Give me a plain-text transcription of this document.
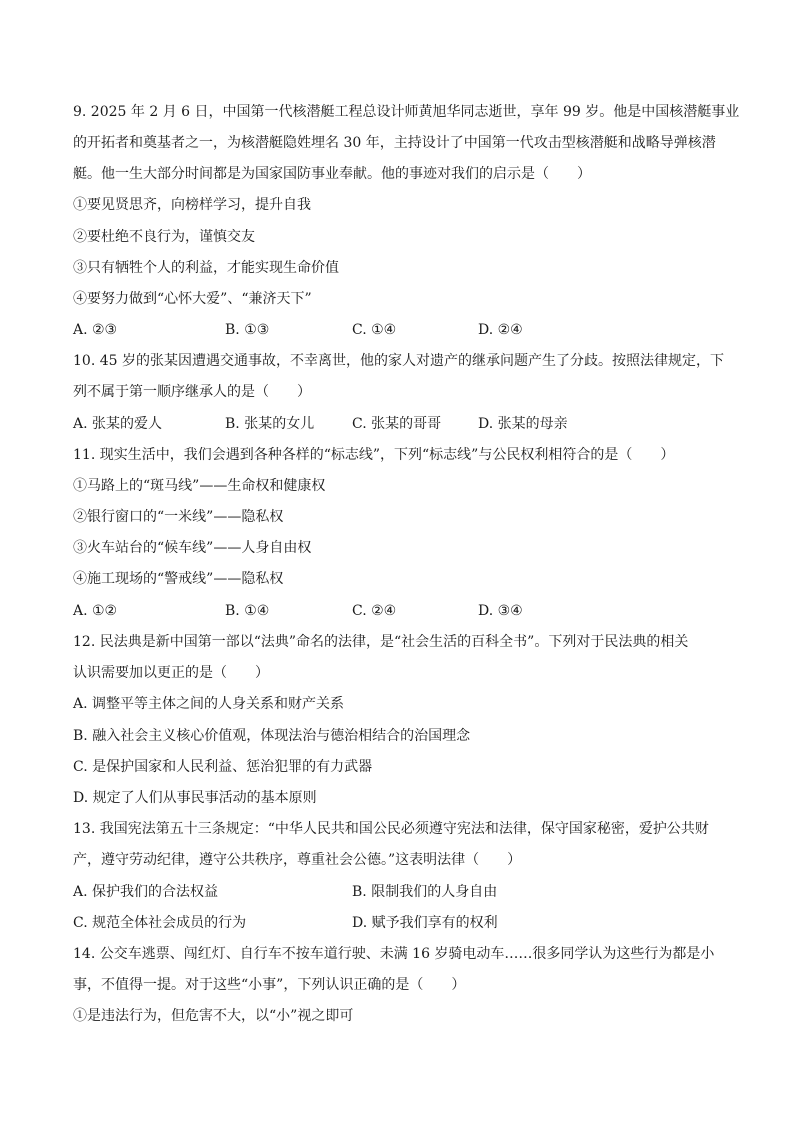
9. 2025 年 2 月 6 日，中国第一代核潜艇工程总设计师黄旭华同志逝世，享年 99 岁。他是中国核潜艇事业
的开拓者和奠基者之一，为核潜艇隐姓埋名 30 年，主持设计了中国第一代攻击型核潜艇和战略导弹核潜
艇。他一生大部分时间都是为国家国防事业奉献。他的事迹对我们的启示是（　　）
①要见贤思齐，向榜样学习，提升自我
②要杜绝不良行为，谨慎交友
③只有牺牲个人的利益，才能实现生命价值
④要努力做到“心怀大爱”、“兼济天下”
A. ②③	B. ①③	C. ①④	D. ②④
10. 45 岁的张某因遭遇交通事故，不幸离世，他的家人对遗产的继承问题产生了分歧。按照法律规定，下
列不属于第一顺序继承人的是（　　）
A. 张某的爱人	B. 张某的女儿	C. 张某的哥哥	D. 张某的母亲
11. 现实生活中，我们会遇到各种各样的“标志线”，下列“标志线”与公民权利相符合的是（　　）
①马路上的“斑马线”——生命权和健康权
②银行窗口的“一米线”——隐私权
③火车站台的“候车线”——人身自由权
④施工现场的“警戒线”——隐私权
A. ①②	B. ①④	C. ②④	D. ③④
12. 民法典是新中国第一部以“法典”命名的法律，是“社会生活的百科全书”。下列对于民法典的相关
认识需要加以更正的是（　　）
A. 调整平等主体之间的人身关系和财产关系
B. 融入社会主义核心价值观，体现法治与德治相结合的治国理念
C. 是保护国家和人民利益、惩治犯罪的有力武器
D. 规定了人们从事民事活动的基本原则
13. 我国宪法第五十三条规定：“中华人民共和国公民必须遵守宪法和法律，保守国家秘密，爱护公共财
产，遵守劳动纪律，遵守公共秩序，尊重社会公德。”这表明法律（　　）
A. 保护我们的合法权益	B. 限制我们的人身自由
C. 规范全体社会成员的行为	D. 赋予我们享有的权利
14. 公交车逃票、闯红灯、自行车不按车道行驶、未满 16 岁骑电动车……很多同学认为这些行为都是小
事，不值得一提。对于这些“小事”，下列认识正确的是（　　）
①是违法行为，但危害不大，以“小”视之即可
